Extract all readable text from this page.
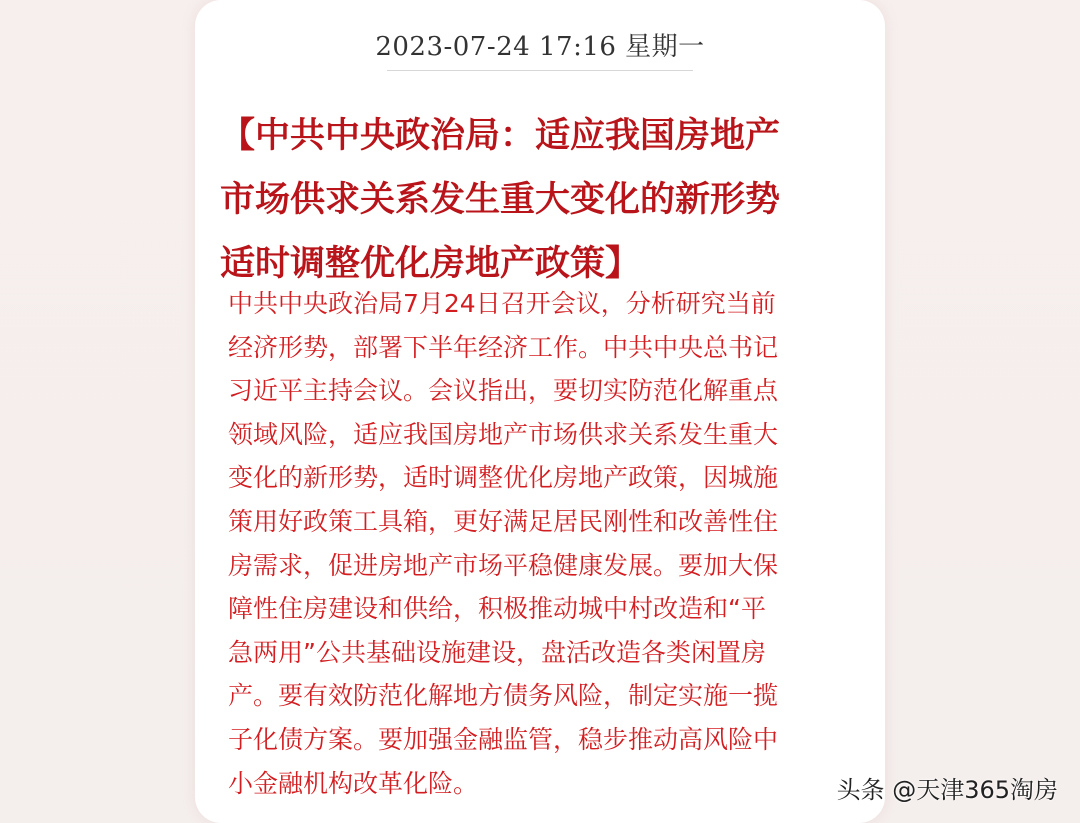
2023-07-24 17:16 星期一
【中共中央政治局：适应我国房地产
市场供求关系发生重大变化的新形势
适时调整优化房地产政策】
中共中央政治局7月24日召开会议，分析研究当前
经济形势，部署下半年经济工作。中共中央总书记
习近平主持会议。会议指出，要切实防范化解重点
领域风险，适应我国房地产市场供求关系发生重大
变化的新形势，适时调整优化房地产政策，因城施
策用好政策工具箱，更好满足居民刚性和改善性住
房需求，促进房地产市场平稳健康发展。要加大保
障性住房建设和供给，积极推动城中村改造和“平
急两用”公共基础设施建设，盘活改造各类闲置房
产。要有效防范化解地方债务风险，制定实施一揽
子化债方案。要加强金融监管，稳步推动高风险中
小金融机构改革化险。	头条 @天津365淘房
